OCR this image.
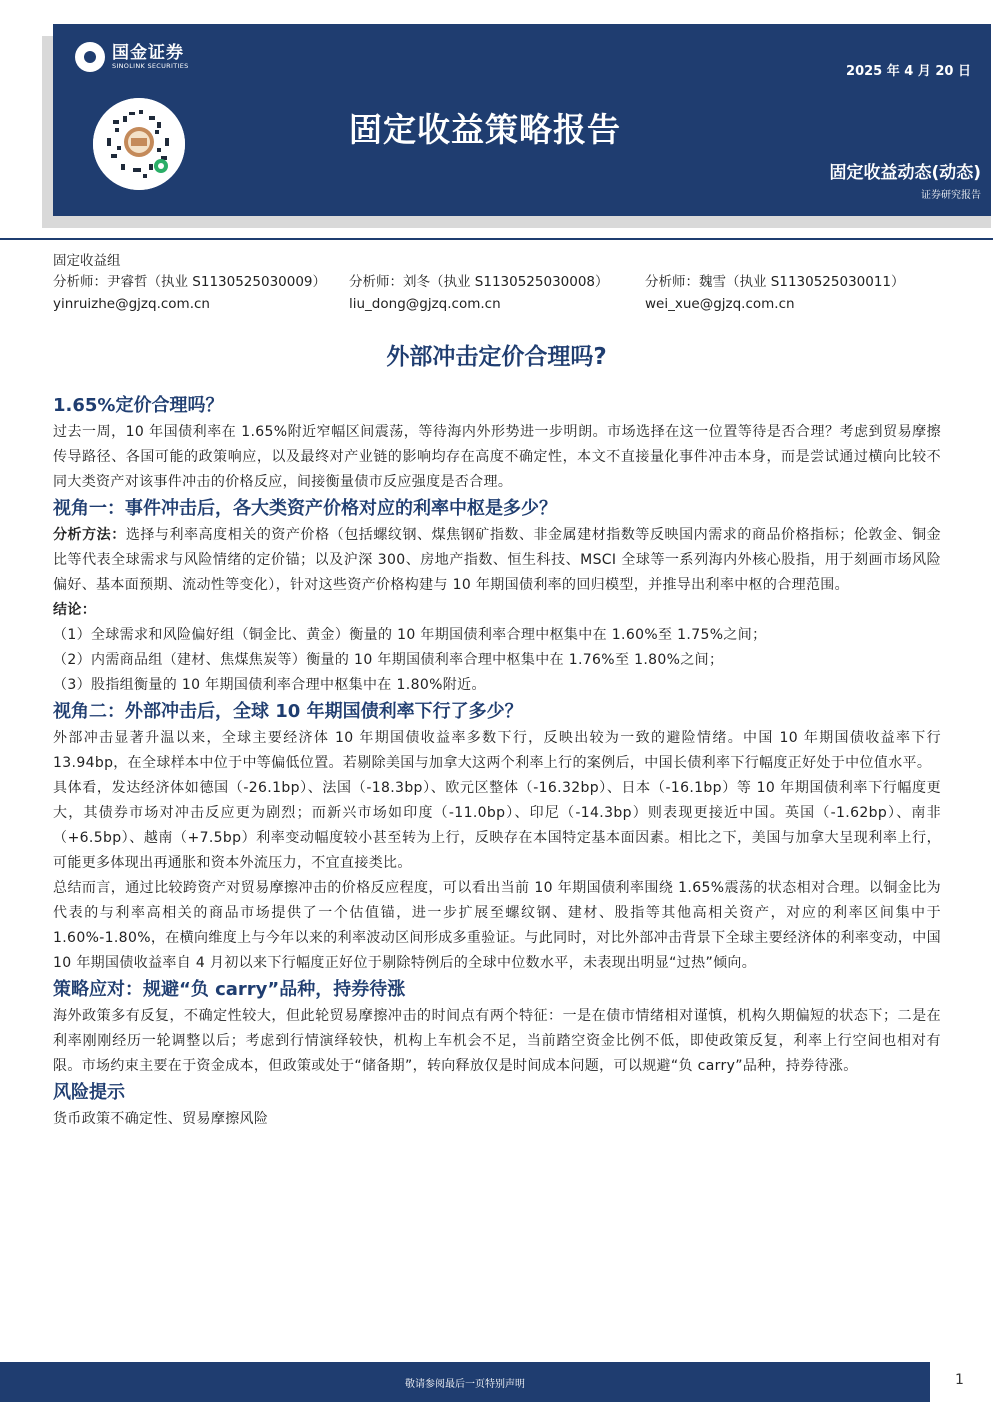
国金证券
SINOLINK SECURITIES	2025 年 4 月 20 日
固定收益策略报告
固定收益动态(动态)
证券研究报告
固定收益组
分析师：尹睿哲（执业 S1130525030009）	分析师：刘冬（执业 S1130525030008）	分析师：魏雪（执业 S1130525030011）
yinruizhe@gjzq.com.cn	liu_dong@gjzq.com.cn	wei_xue@gjzq.com.cn
外部冲击定价合理吗?
1.65%定价合理吗？

过去一周，10 年国债利率在 1.65%附近窄幅区间震荡，等待海内外形势进一步明朗。市场选择在这一位置等待是否合理？考虑到贸易摩擦传导路径、各国可能的政策响应，以及最终对产业链的影响均存在高度不确定性，本文不直接量化事件冲击本身，而是尝试通过横向比较不同大类资产对该事件冲击的价格反应，间接衡量债市反应强度是否合理。

视角一：事件冲击后，各大类资产价格对应的利率中枢是多少？

分析方法：选择与利率高度相关的资产价格（包括螺纹钢、煤焦钢矿指数、非金属建材指数等反映国内需求的商品价格指标；伦敦金、铜金比等代表全球需求与风险情绪的定价锚；以及沪深 300、房地产指数、恒生科技、MSCI 全球等一系列海内外核心股指，用于刻画市场风险偏好、基本面预期、流动性等变化），针对这些资产价格构建与 10 年期国债利率的回归模型，并推导出利率中枢的合理范围。

结论：

（1）全球需求和风险偏好组（铜金比、黄金）衡量的 10 年期国债利率合理中枢集中在 1.60%至 1.75%之间；

（2）内需商品组（建材、焦煤焦炭等）衡量的 10 年期国债利率合理中枢集中在 1.76%至 1.80%之间；

（3）股指组衡量的 10 年期国债利率合理中枢集中在 1.80%附近。

视角二：外部冲击后，全球 10 年期国债利率下行了多少？

外部冲击显著升温以来，全球主要经济体 10 年期国债收益率多数下行，反映出较为一致的避险情绪。中国 10 年期国债收益率下行 13.94bp，在全球样本中位于中等偏低位置。若剔除美国与加拿大这两个利率上行的案例后，中国长债利率下行幅度正好处于中位值水平。

具体看，发达经济体如德国（-26.1bp）、法国（-18.3bp）、欧元区整体（-16.32bp）、日本（-16.1bp）等 10 年期国债利率下行幅度更大，其债券市场对冲击反应更为剧烈；而新兴市场如印度（-11.0bp）、印尼（-14.3bp）则表现更接近中国。英国（-1.62bp）、南非（+6.5bp）、越南（+7.5bp）利率变动幅度较小甚至转为上行，反映存在本国特定基本面因素。相比之下，美国与加拿大呈现利率上行，可能更多体现出再通胀和资本外流压力，不宜直接类比。

总结而言，通过比较跨资产对贸易摩擦冲击的价格反应程度，可以看出当前 10 年期国债利率围绕 1.65%震荡的状态相对合理。以铜金比为代表的与利率高相关的商品市场提供了一个估值锚，进一步扩展至螺纹钢、建材、股指等其他高相关资产，对应的利率区间集中于 1.60%-1.80%，在横向维度上与今年以来的利率波动区间形成多重验证。与此同时，对比外部冲击背景下全球主要经济体的利率变动，中国 10 年期国债收益率自 4 月初以来下行幅度正好位于剔除特例后的全球中位数水平，未表现出明显“过热”倾向。

策略应对：规避“负 carry”品种，持券待涨

海外政策多有反复，不确定性较大，但此轮贸易摩擦冲击的时间点有两个特征：一是在债市情绪相对谨慎，机构久期偏短的状态下；二是在利率刚刚经历一轮调整以后；考虑到行情演绎较快，机构上车机会不足，当前踏空资金比例不低，即使政策反复，利率上行空间也相对有限。市场约束主要在于资金成本，但政策或处于“储备期”，转向释放仅是时间成本问题，可以规避“负 carry”品种，持券待涨。

风险提示

货币政策不确定性、贸易摩擦风险

敬请参阅最后一页特别声明	1
